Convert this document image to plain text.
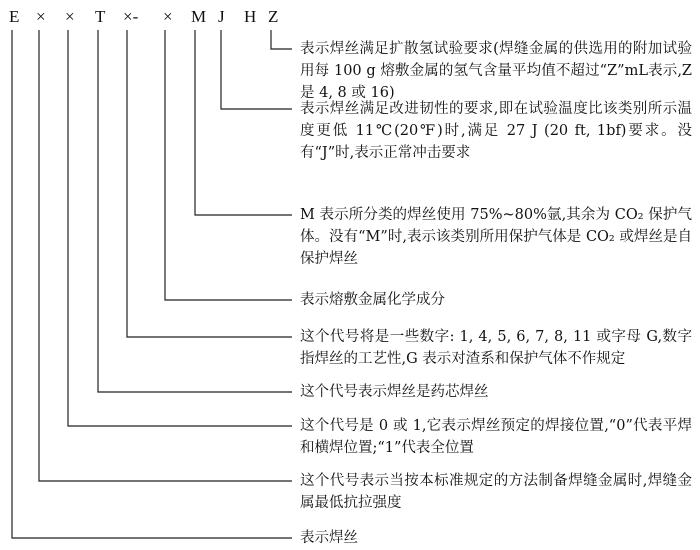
E × × T ×- × M J H Z

表示焊丝满足扩散氢试验要求(焊缝金属的供选用的附加试验用每 100 g 熔敷金属的氢气含量平均值不超过“Z”mL表示,Z是 4, 8 或 16)

表示焊丝满足改进韧性的要求,即在试验温度比该类别所示温度更低 11℃(20℉)时,满足 27 J (20 ft, 1bf)要求。没有“J”时,表示正常冲击要求

M 表示所分类的焊丝使用 75%~80%氩,其余为 CO₂ 保护气体。没有“M”时,表示该类别所用保护气体是 CO₂ 或焊丝是自保护焊丝

表示熔敷金属化学成分

这个代号将是一些数字: 1, 4, 5, 6, 7, 8, 11 或字母 G,数字指焊丝的工艺性,G 表示对渣系和保护气体不作规定

这个代号表示焊丝是药芯焊丝

这个代号是 0 或 1,它表示焊丝预定的焊接位置,“0”代表平焊和横焊位置;“1”代表全位置

这个代号表示当按本标准规定的方法制备焊缝金属时,焊缝金属最低抗拉强度

表示焊丝
